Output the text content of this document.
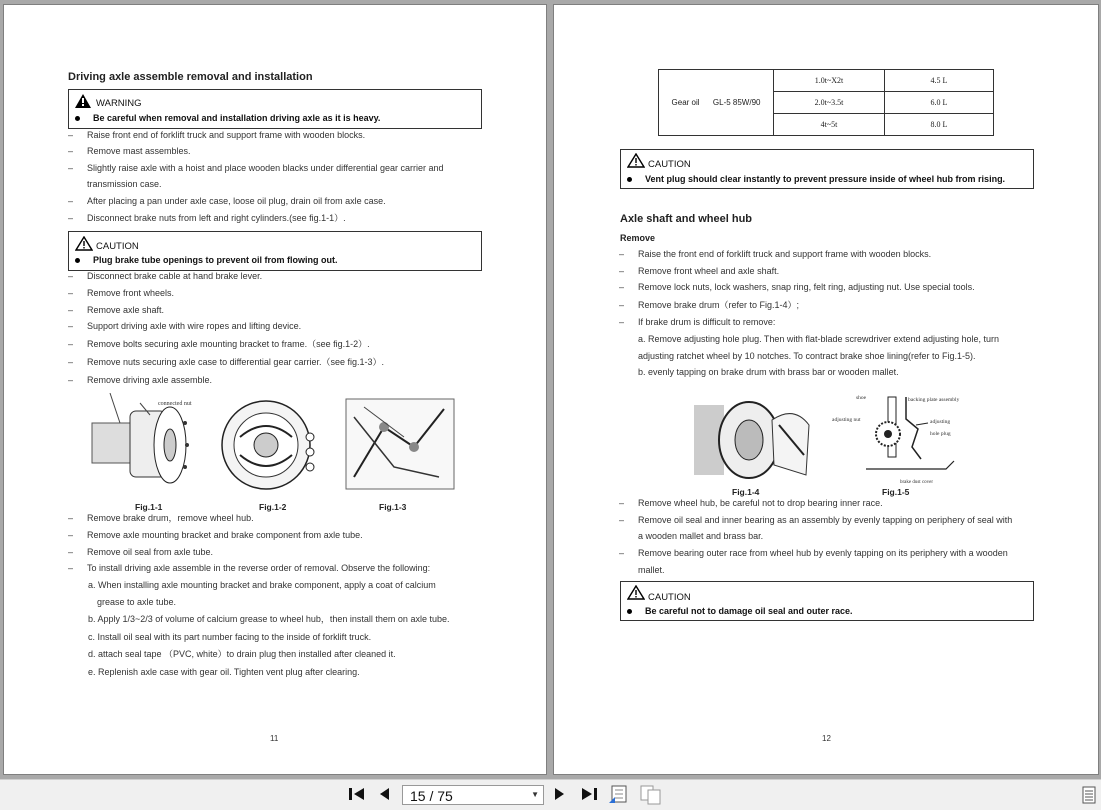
Driving axle assemble removal and installation
WARNING
Be careful when removal and installation driving axle as it is heavy.
– Raise front end of forklift truck and support frame with wooden blocks.
– Remove mast assembles.
– Slightly raise axle with a hoist and place wooden blacks under differential gear carrier and
transmission case.
– After placing a pan under axle case, loose oil plug, drain oil from axle case.
– Disconnect brake nuts from left and right cylinders.(see fig.1-1）.
CAUTION
Plug brake tube openings to prevent oil from flowing out.
– Disconnect brake cable at hand brake lever.
– Remove front wheels.
– Remove axle shaft.
– Support driving axle with wire ropes and lifting device.
– Remove bolts securing axle mounting bracket to frame.（see fig.1-2）.
– Remove nuts securing axle case to differential gear carrier.（see fig.1-3）.
– Remove driving axle assemble.
connected nut
Fig.1-1	Fig.1-2	Fig.1-3
– Remove brake drum，remove wheel hub.
– Remove axle mounting bracket and brake component from axle tube.
– Remove oil seal from axle tube.
– To install driving axle assemble in the reverse order of removal. Observe the following:
a. When installing axle mounting bracket and brake component, apply a coat of calcium
grease to axle tube.
b. Apply 1/3~2/3 of volume of calcium grease to wheel hub，then install them on axle tube.
c. Install oil seal with its part number facing to the inside of forklift truck.
d. attach seal tape （PVC, white）to drain plug then installed after cleaned it.
e. Replenish axle case with gear oil. Tighten vent plug after clearing.
11
Gear oil GL-5 85W/90	1.0t~X2t	4.5 L
	2.0t~3.5t	6.0 L
	4t~5t	8.0 L
CAUTION
Vent plug should clear instantly to prevent pressure inside of wheel hub from rising.
Axle shaft and wheel hub
Remove
– Raise the front end of forklift truck and support frame with wooden blocks.
– Remove front wheel and axle shaft.
– Remove lock nuts, lock washers, snap ring, felt ring, adjusting nut. Use special tools.
– Remove brake drum（refer to Fig.1-4）;
– If brake drum is difficult to remove:
a. Remove adjusting hole plug. Then with flat-blade screwdriver extend adjusting hole, turn
adjusting ratchet wheel by 10 notches. To contract brake shoe lining(refer to Fig.1-5).
b. evenly tapping on brake drum with brass bar or wooden mallet.
shoe	backing plate assembly
adjusting nut	adjusting
hole plug
brake dust cover
Fig.1-4	Fig.1-5
– Remove wheel hub, be careful not to drop bearing inner race.
– Remove oil seal and inner bearing as an assembly by evenly tapping on periphery of seal with
a wooden mallet and brass bar.
– Remove bearing outer race from wheel hub by evenly tapping on its periphery with a wooden
mallet.
CAUTION
Be careful not to damage oil seal and outer race.
12
15 / 75	▼
